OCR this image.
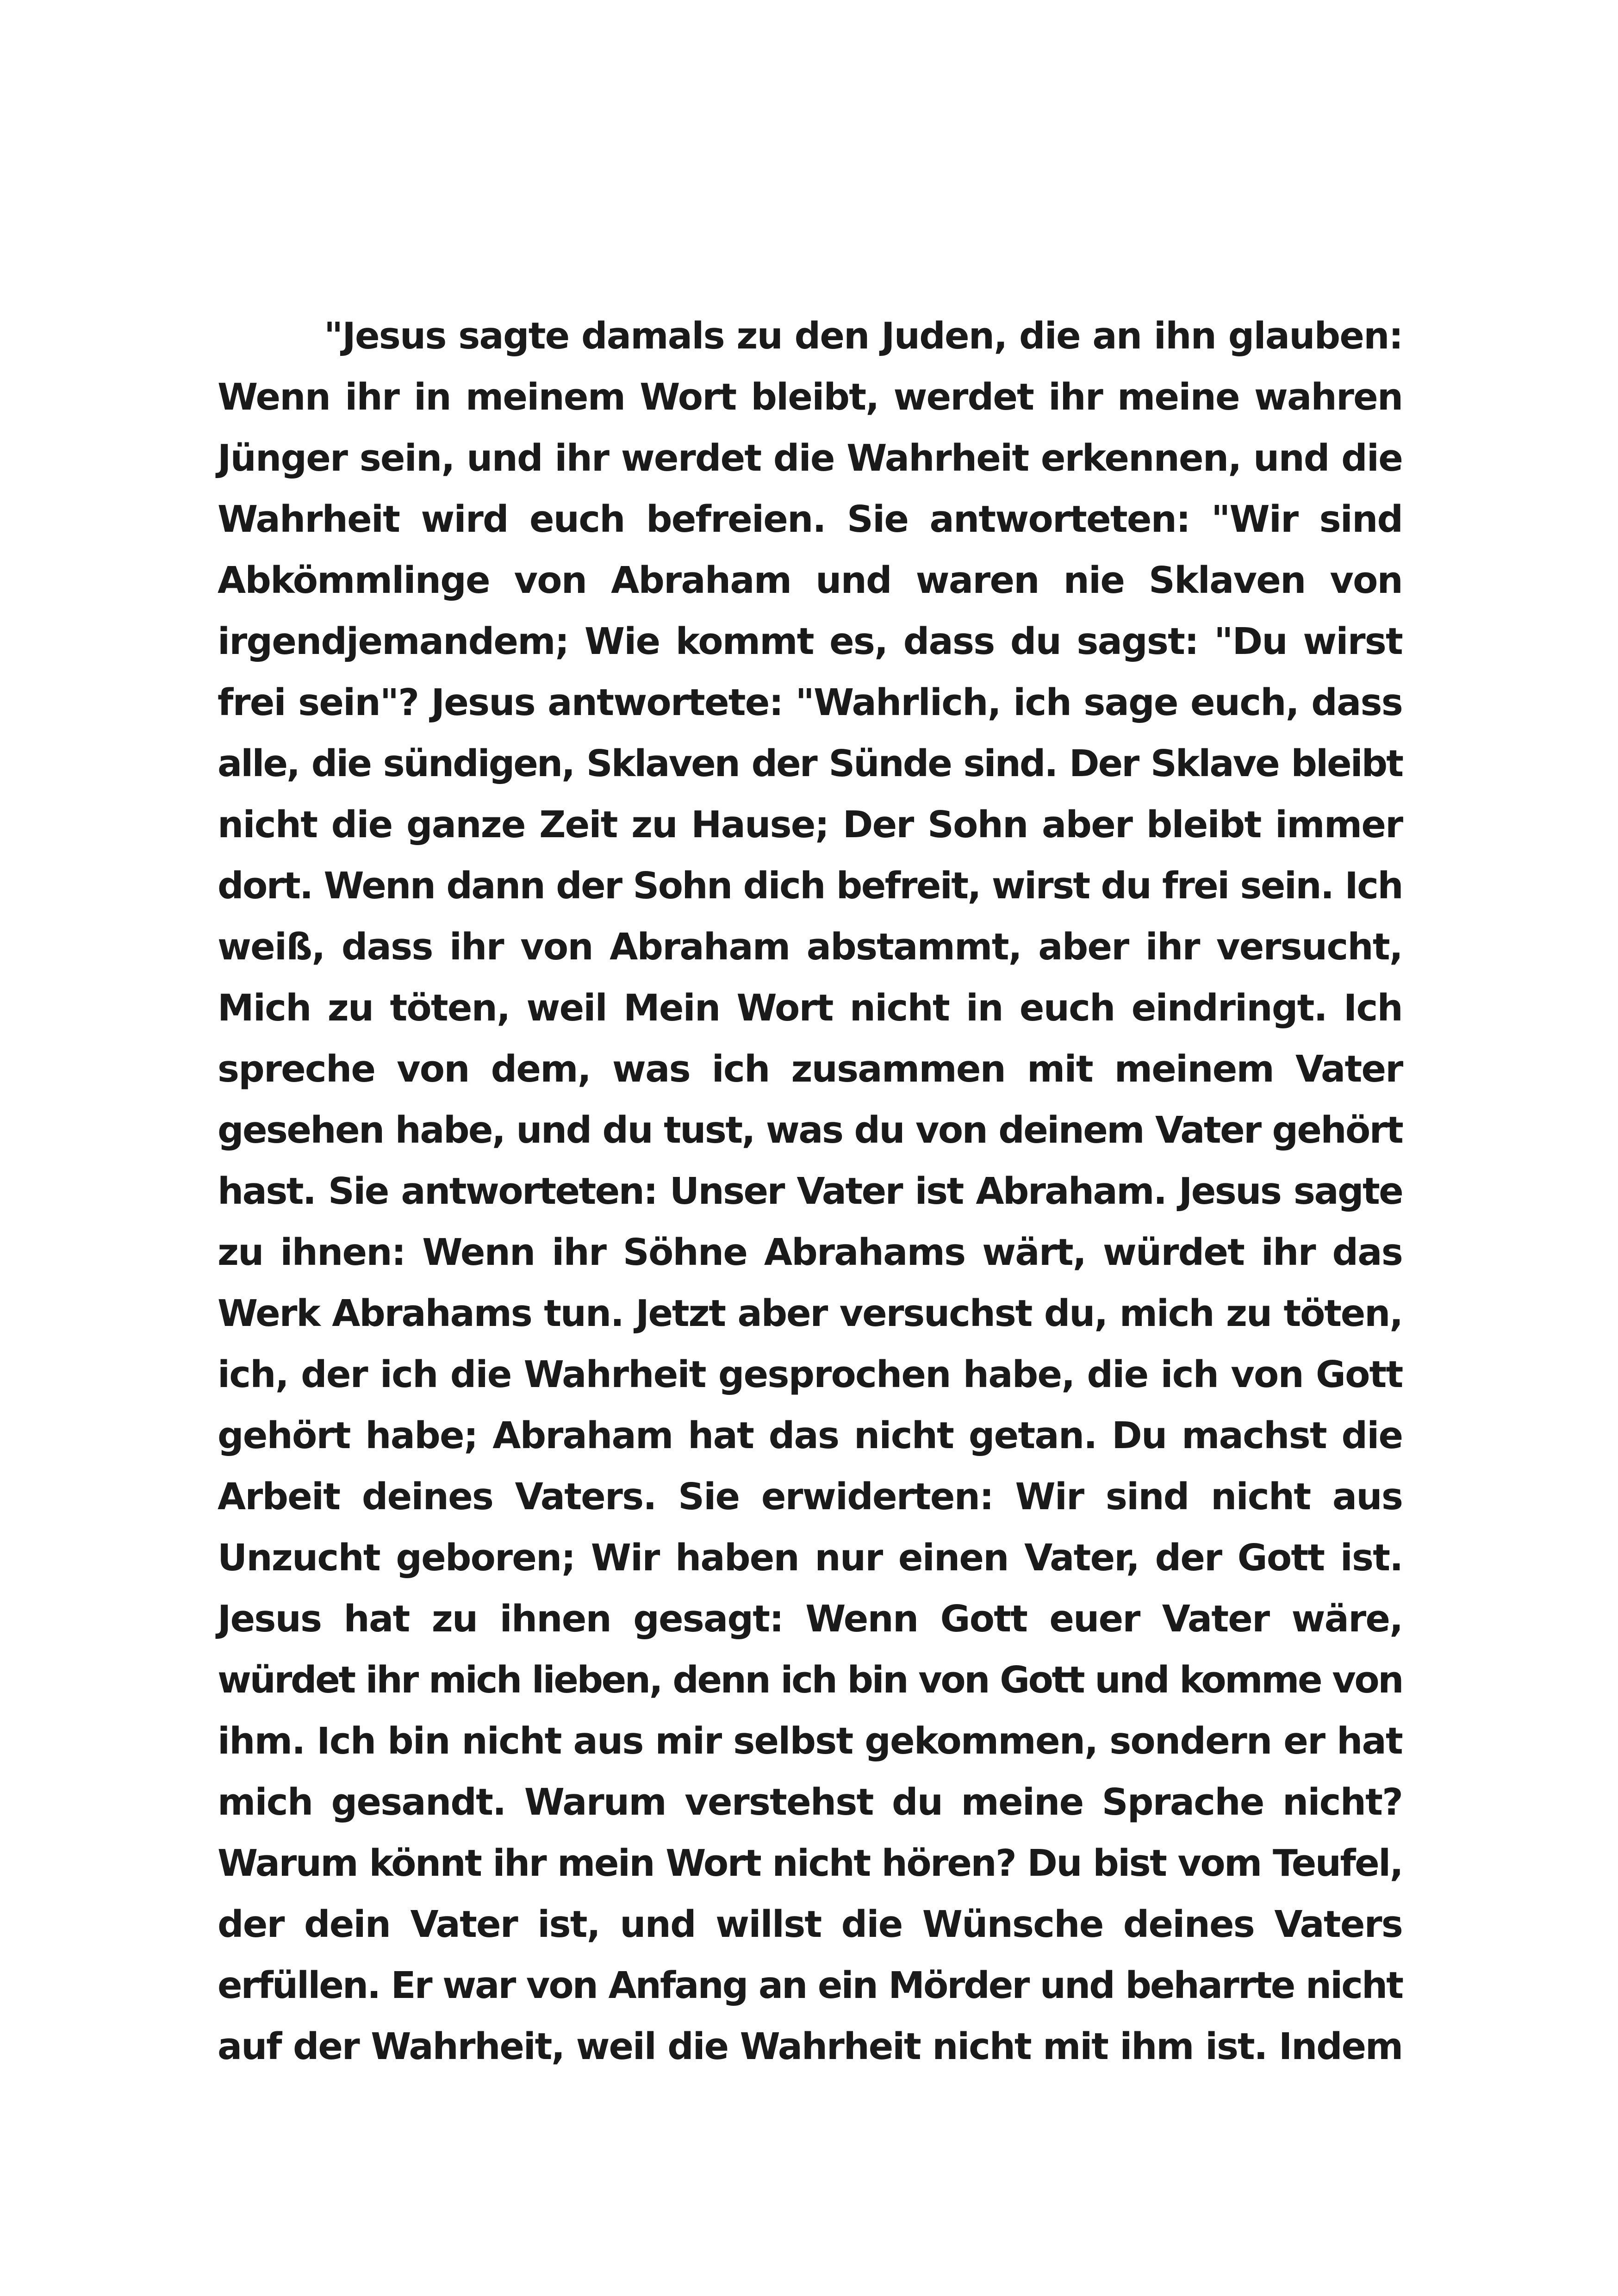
"Jesus sagte damals zu den Juden, die an ihn glauben:
Wenn ihr in meinem Wort bleibt, werdet ihr meine wahren
Jünger sein, und ihr werdet die Wahrheit erkennen, und die
Wahrheit wird euch befreien. Sie antworteten: "Wir sind
Abkömmlinge von Abraham und waren nie Sklaven von
irgendjemandem; Wie kommt es, dass du sagst: "Du wirst
frei sein"? Jesus antwortete: "Wahrlich, ich sage euch, dass
alle, die sündigen, Sklaven der Sünde sind. Der Sklave bleibt
nicht die ganze Zeit zu Hause; Der Sohn aber bleibt immer
dort. Wenn dann der Sohn dich befreit, wirst du frei sein. Ich
weiß, dass ihr von Abraham abstammt, aber ihr versucht,
Mich zu töten, weil Mein Wort nicht in euch eindringt. Ich
spreche von dem, was ich zusammen mit meinem Vater
gesehen habe, und du tust, was du von deinem Vater gehört
hast. Sie antworteten: Unser Vater ist Abraham. Jesus sagte
zu ihnen: Wenn ihr Söhne Abrahams wärt, würdet ihr das
Werk Abrahams tun. Jetzt aber versuchst du, mich zu töten,
ich, der ich die Wahrheit gesprochen habe, die ich von Gott
gehört habe; Abraham hat das nicht getan. Du machst die
Arbeit deines Vaters. Sie erwiderten: Wir sind nicht aus
Unzucht geboren; Wir haben nur einen Vater, der Gott ist.
Jesus hat zu ihnen gesagt: Wenn Gott euer Vater wäre,
würdet ihr mich lieben, denn ich bin von Gott und komme von
ihm. Ich bin nicht aus mir selbst gekommen, sondern er hat
mich gesandt. Warum verstehst du meine Sprache nicht?
Warum könnt ihr mein Wort nicht hören? Du bist vom Teufel,
der dein Vater ist, und willst die Wünsche deines Vaters
erfüllen. Er war von Anfang an ein Mörder und beharrte nicht
auf der Wahrheit, weil die Wahrheit nicht mit ihm ist. Indem
